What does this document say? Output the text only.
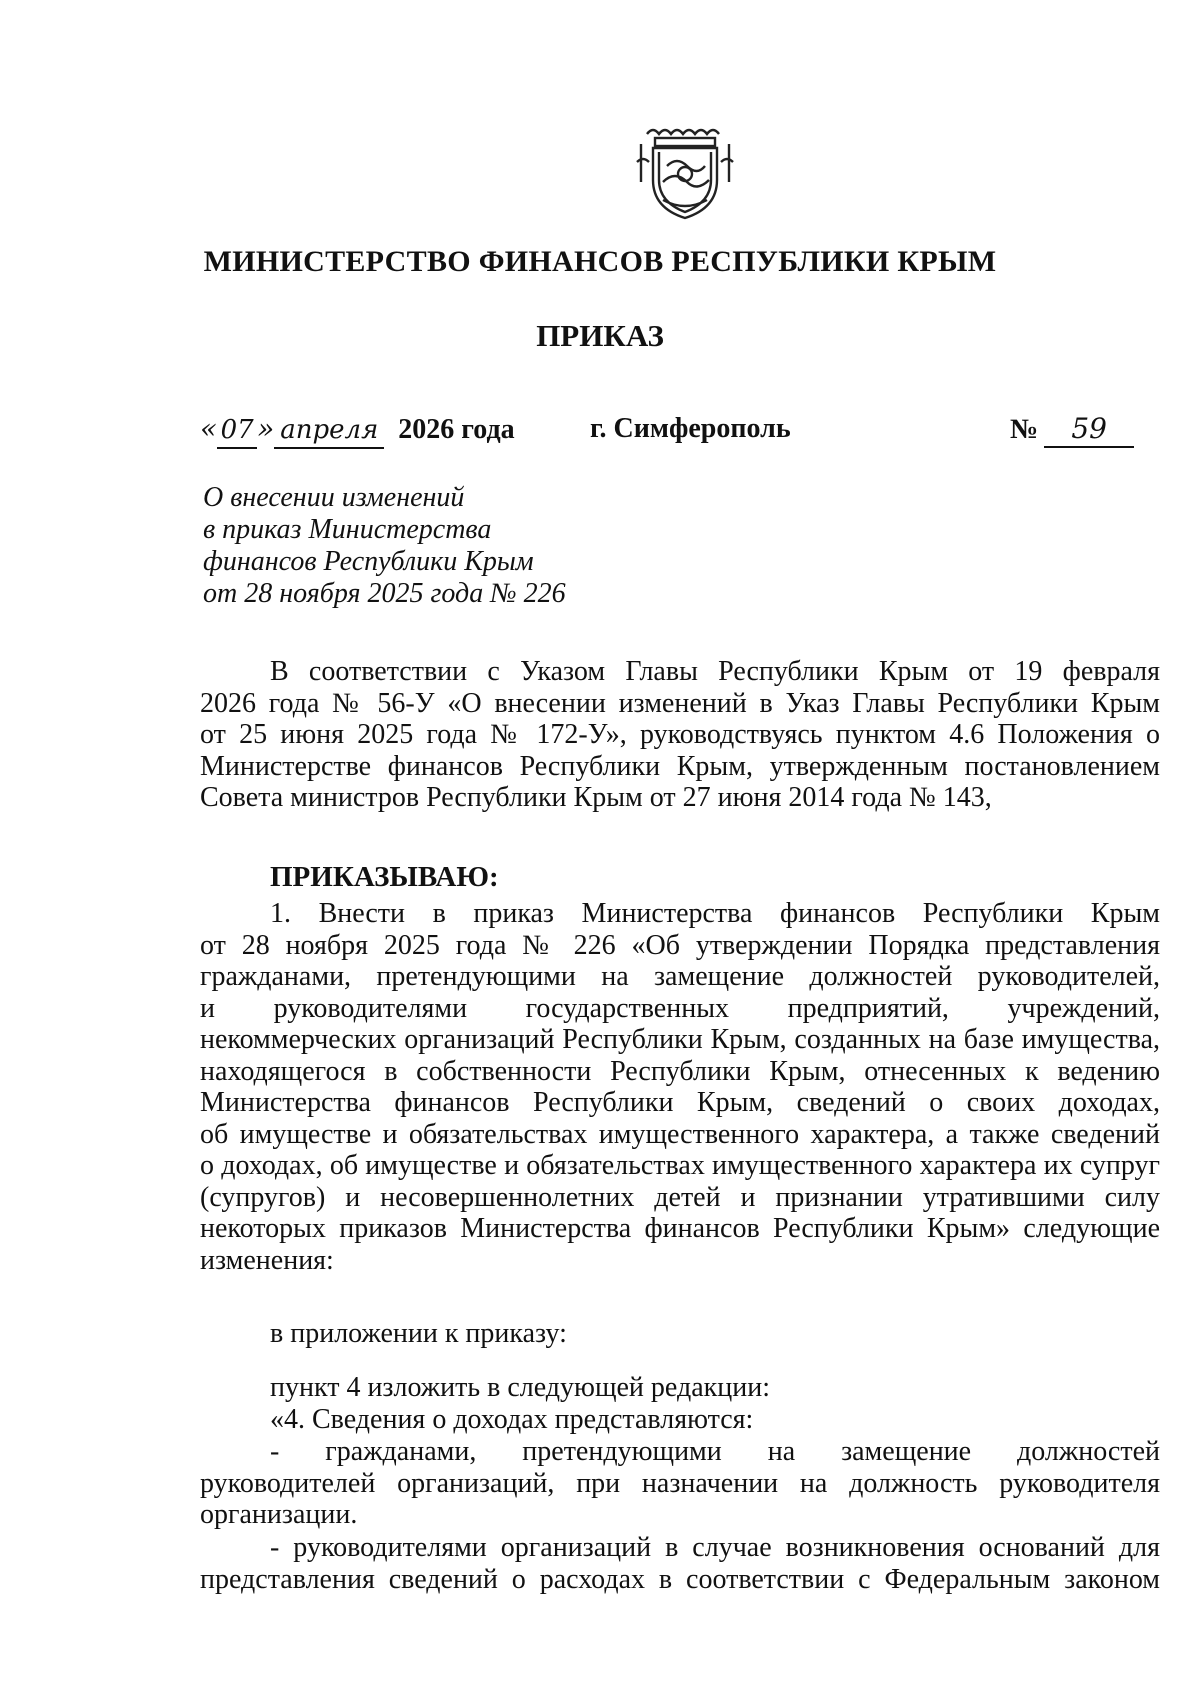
МИНИСТЕРСТВО ФИНАНСОВ РЕСПУБЛИКИ КРЫМ
ПРИКАЗ
« 07 » апреля 2026 года	г. Симферополь	№ 59
О внесении изменений
в приказ Министерства
финансов Республики Крым
от 28 ноября 2025 года № 226
В соответствии с Указом Главы Республики Крым от 19 февраля
2026 года № 56-У «О внесении изменений в Указ Главы Республики Крым
от 25 июня 2025 года № 172-У», руководствуясь пунктом 4.6 Положения о
Министерстве финансов Республики Крым, утвержденным постановлением
Совета министров Республики Крым от 27 июня 2014 года № 143,
ПРИКАЗЫВАЮ:
1. Внести в приказ Министерства финансов Республики Крым
от 28 ноября 2025 года № 226 «Об утверждении Порядка представления
гражданами, претендующими на замещение должностей руководителей,
и руководителями государственных предприятий, учреждений,
некоммерческих организаций Республики Крым, созданных на базе имущества,
находящегося в собственности Республики Крым, отнесенных к ведению
Министерства финансов Республики Крым, сведений о своих доходах,
об имуществе и обязательствах имущественного характера, а также сведений
о доходах, об имуществе и обязательствах имущественного характера их супруг
(супругов) и несовершеннолетних детей и признании утратившими силу
некоторых приказов Министерства финансов Республики Крым» следующие
изменения:
в приложении к приказу:
пункт 4 изложить в следующей редакции:
«4. Сведения о доходах представляются:
- гражданами, претендующими на замещение должностей
руководителей организаций, при назначении на должность руководителя
организации.
- руководителями организаций в случае возникновения оснований для
представления сведений о расходах в соответствии с Федеральным законом
